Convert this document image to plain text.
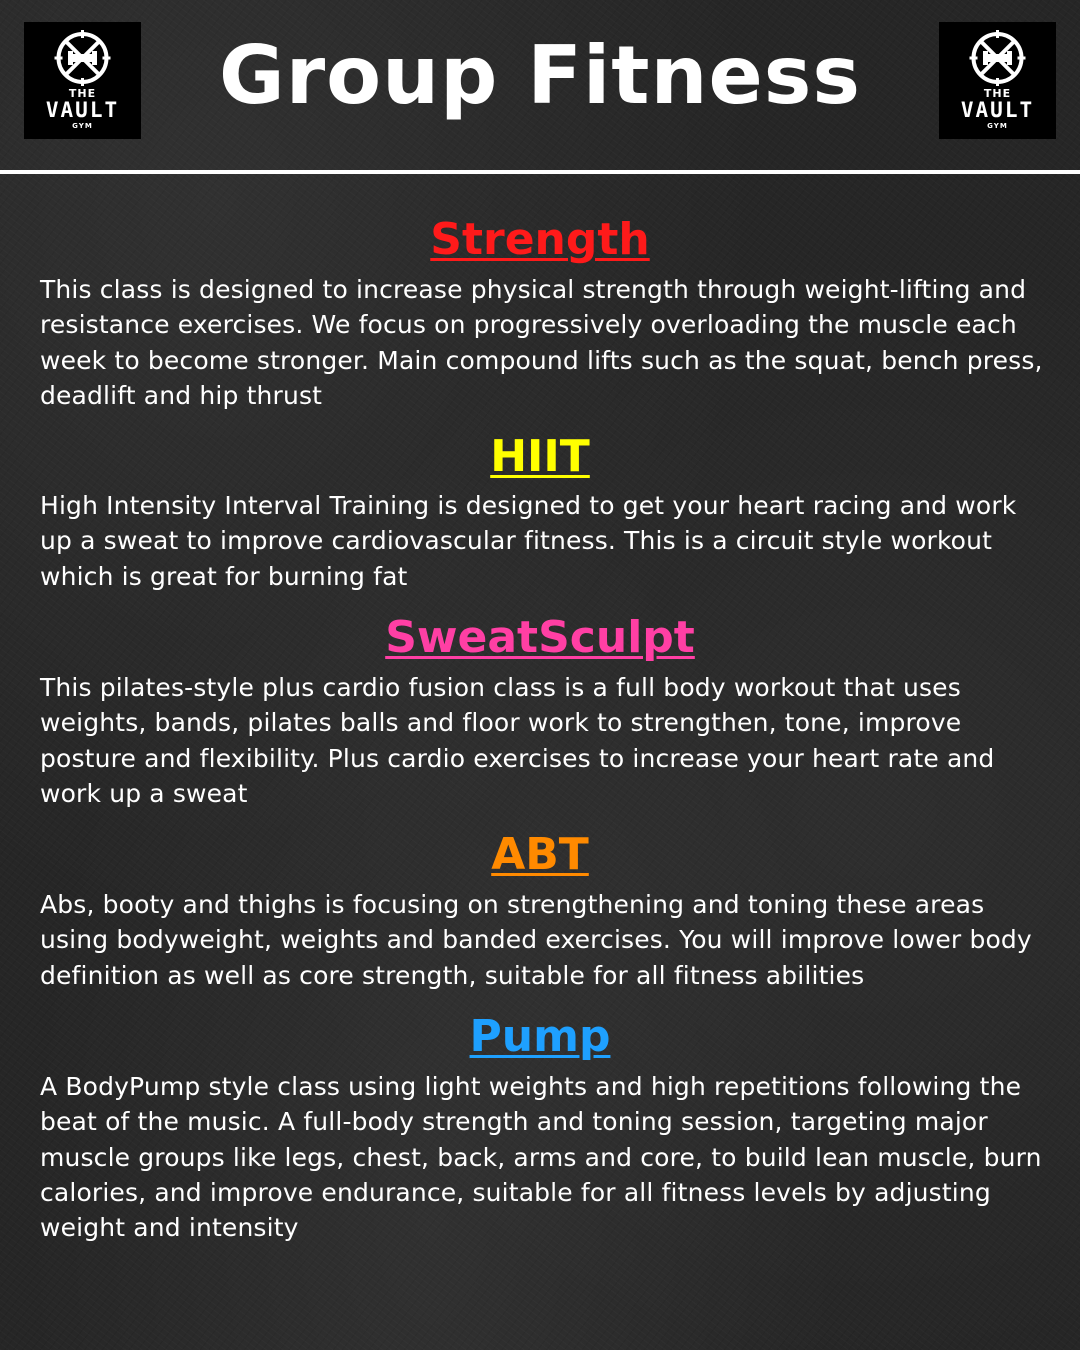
THE
VAULT
GYM
Group Fitness	THE
VAULT
GYM
Strength
This class is designed to increase physical strength through weight-lifting and resistance exercises. We focus on progressively overloading the muscle each week to become stronger. Main compound lifts such as the squat, bench press, deadlift and hip thrust
HIIT
High Intensity Interval Training is designed to get your heart racing and work up a sweat to improve cardiovascular fitness. This is a circuit style workout which is great for burning fat
SweatSculpt
This pilates-style plus cardio fusion class is a full body workout that uses weights, bands, pilates balls and floor work to strengthen, tone, improve posture and flexibility. Plus cardio exercises to increase your heart rate and work up a sweat
ABT
Abs, booty and thighs is focusing on strengthening and toning these areas using bodyweight, weights and banded exercises. You will improve lower body definition as well as core strength, suitable for all fitness abilities
Pump
A BodyPump style class using light weights and high repetitions following the beat of the music. A full-body strength and toning session, targeting major muscle groups like legs, chest, back, arms and core, to build lean muscle, burn calories, and improve endurance, suitable for all fitness levels by adjusting weight and intensity
